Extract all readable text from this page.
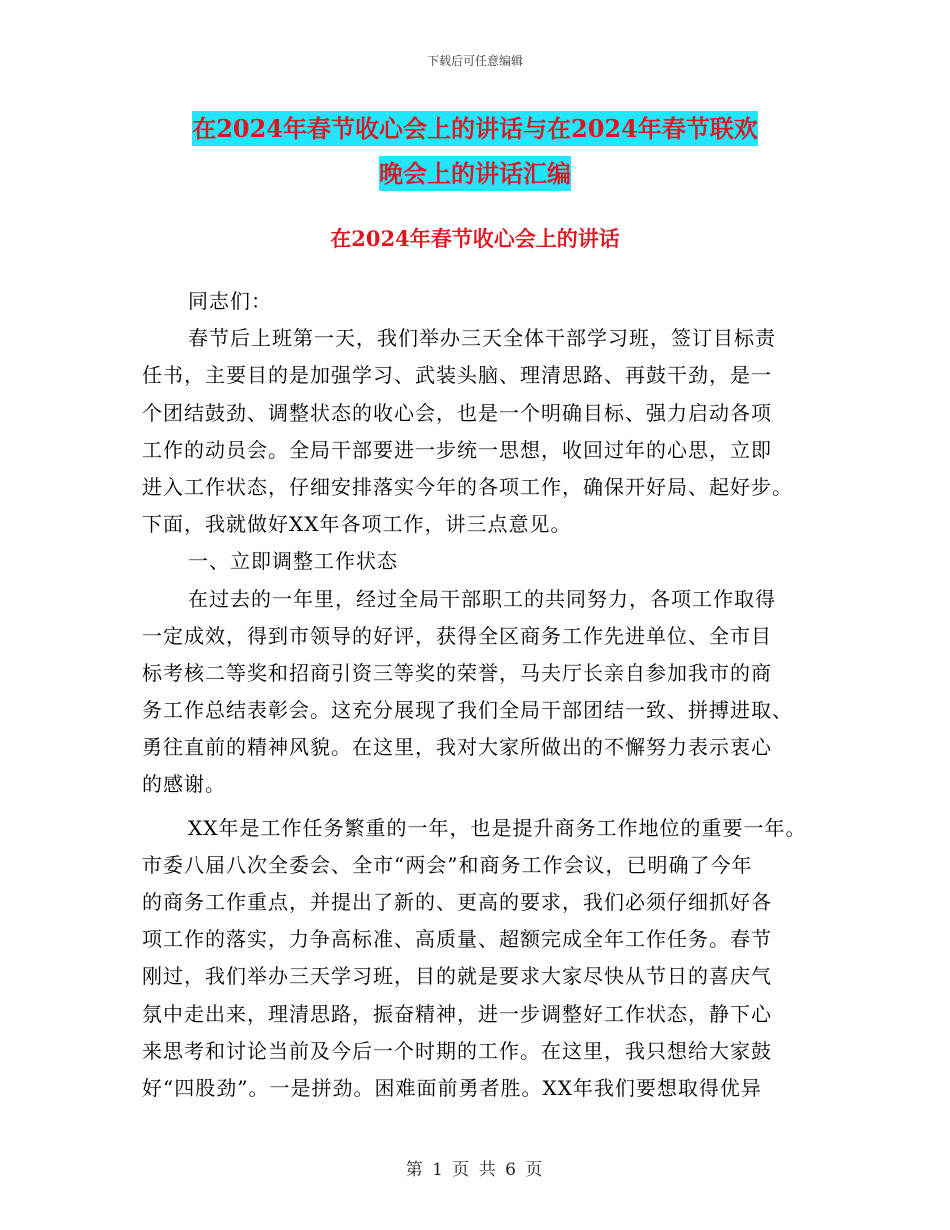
下载后可任意编辑
在2024年春节收心会上的讲话与在2024年春节联欢
晚会上的讲话汇编
在2024年春节收心会上的讲话
同志们：
春节后上班第一天，我们举办三天全体干部学习班，签订目标责
任书，主要目的是加强学习、武装头脑、理清思路、再鼓干劲，是一
个团结鼓劲、调整状态的收心会，也是一个明确目标、强力启动各项
工作的动员会。全局干部要进一步统一思想，收回过年的心思，立即
进入工作状态，仔细安排落实今年的各项工作，确保开好局、起好步。
下面，我就做好XX年各项工作，讲三点意见。
一、立即调整工作状态
在过去的一年里，经过全局干部职工的共同努力，各项工作取得
一定成效，得到市领导的好评，获得全区商务工作先进单位、全市目
标考核二等奖和招商引资三等奖的荣誉，马夫厅长亲自参加我市的商
务工作总结表彰会。这充分展现了我们全局干部团结一致、拼搏进取、
勇往直前的精神风貌。在这里，我对大家所做出的不懈努力表示衷心
的感谢。
XX年是工作任务繁重的一年，也是提升商务工作地位的重要一年。
市委八届八次全委会、全市“两会”和商务工作会议，已明确了今年
的商务工作重点，并提出了新的、更高的要求，我们必须仔细抓好各
项工作的落实，力争高标准、高质量、超额完成全年工作任务。春节
刚过，我们举办三天学习班，目的就是要求大家尽快从节日的喜庆气
氛中走出来，理清思路，振奋精神，进一步调整好工作状态，静下心
来思考和讨论当前及今后一个时期的工作。在这里，我只想给大家鼓
好“四股劲”。一是拼劲。困难面前勇者胜。XX年我们要想取得优异
第 1 页 共 6 页
